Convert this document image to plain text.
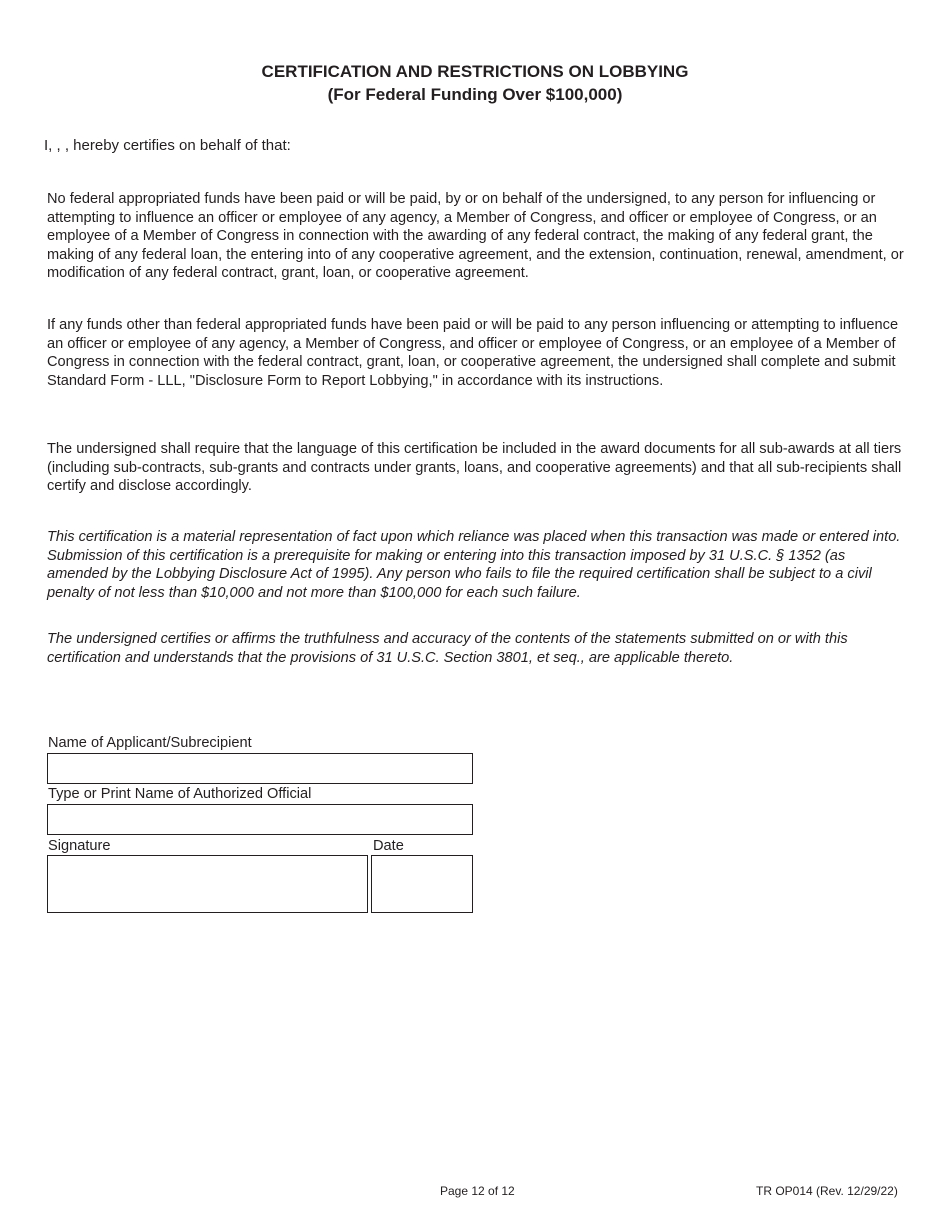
CERTIFICATION AND RESTRICTIONS ON LOBBYING
(For Federal Funding Over $100,000)
I, , , hereby certifies on behalf of that:

No federal appropriated funds have been paid or will be paid, by or on behalf of the undersigned, to any person for influencing or attempting to influence an officer or employee of any agency, a Member of Congress, and officer or employee of Congress, or an employee of a Member of Congress in connection with the awarding of any federal contract, the making of any federal grant, the making of any federal loan, the entering into of any cooperative agreement, and the extension, continuation, renewal, amendment, or modification of any federal contract, grant, loan, or cooperative agreement.

If any funds other than federal appropriated funds have been paid or will be paid to any person influencing or attempting to influence an officer or employee of any agency, a Member of Congress, and officer or employee of Congress, or an employee of a Member of Congress in connection with the federal contract, grant, loan, or cooperative agreement, the undersigned shall complete and submit Standard Form - LLL, "Disclosure Form to Report Lobbying," in accordance with its instructions.

The undersigned shall require that the language of this certification be included in the award documents for all sub-awards at all tiers (including sub-contracts, sub-grants and contracts under grants, loans, and cooperative agreements) and that all sub-recipients shall certify and disclose accordingly.

This certification is a material representation of fact upon which reliance was placed when this transaction was made or entered into. Submission of this certification is a prerequisite for making or entering into this transaction imposed by 31 U.S.C. § 1352 (as amended by the Lobbying Disclosure Act of 1995). Any person who fails to file the required certification shall be subject to a civil penalty of not less than $10,000 and not more than $100,000 for each such failure.

The undersigned certifies or affirms the truthfulness and accuracy of the contents of the statements submitted on or with this certification and understands that the provisions of 31 U.S.C. Section 3801, et seq., are applicable thereto.

Name of Applicant/Subrecipient
Type or Print Name of Authorized Official
Signature	Date
Page 12 of 12	TR OP014 (Rev. 12/29/22)
